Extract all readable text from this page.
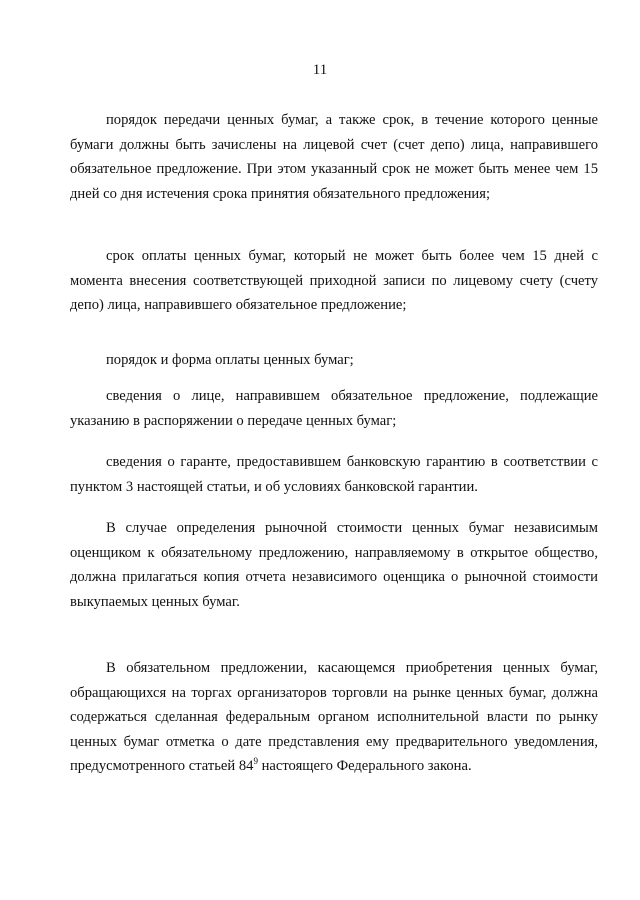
11
порядок передачи ценных бумаг, а также срок, в течение которого ценные
бумаги должны быть зачислены на лицевой счет (счет депо) лица, направившего
обязательное предложение. При этом указанный срок не может быть менее чем 15
дней со дня истечения срока принятия обязательного предложения;
срок оплаты ценных бумаг, который не может быть более чем 15 дней с
момента внесения соответствующей приходной записи по лицевому счету (счету
депо) лица, направившего обязательное предложение;
порядок и форма оплаты ценных бумаг;
сведения о лице, направившем обязательное предложение, подлежащие
указанию в распоряжении о передаче ценных бумаг;
сведения о гаранте, предоставившем банковскую гарантию в соответствии с
пунктом 3 настоящей статьи, и об условиях банковской гарантии.
В случае определения рыночной стоимости ценных бумаг независимым
оценщиком к обязательному предложению, направляемому в открытое общество,
должна прилагаться копия отчета независимого оценщика о рыночной стоимости
выкупаемых ценных бумаг.
В обязательном предложении, касающемся приобретения ценных бумаг,
обращающихся на торгах организаторов торговли на рынке ценных бумаг, должна
содержаться сделанная федеральным органом исполнительной власти по рынку
ценных бумаг отметка о дате представления ему предварительного уведомления,
предусмотренного статьей $84^9$ настоящего Федерального закона.
